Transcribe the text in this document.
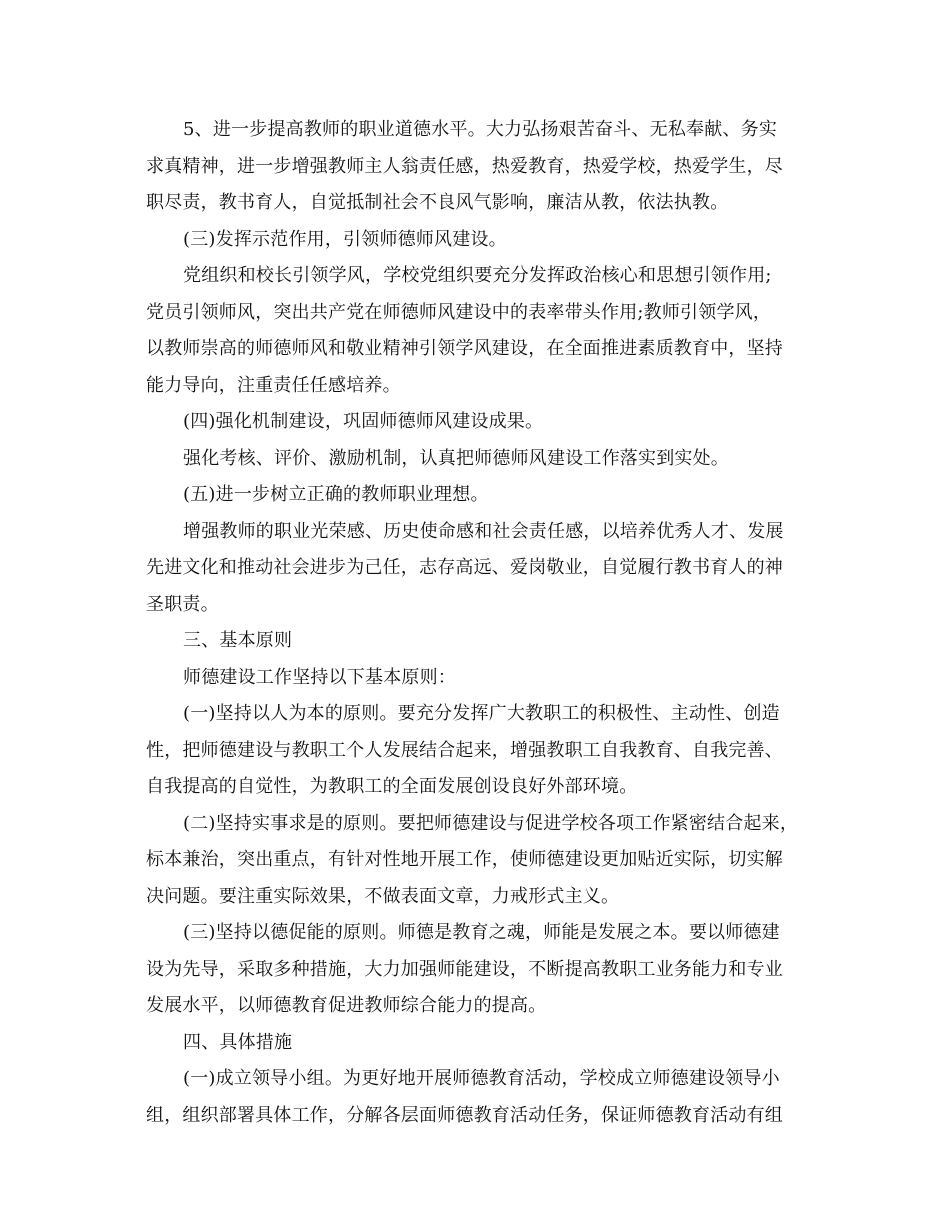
5、进一步提高教师的职业道德水平。大力弘扬艰苦奋斗、无私奉献、务实
求真精神，进一步增强教师主人翁责任感，热爱教育，热爱学校，热爱学生，尽
职尽责，教书育人，自觉抵制社会不良风气影响，廉洁从教，依法执教。
(三)发挥示范作用，引领师德师风建设。
党组织和校长引领学风，学校党组织要充分发挥政治核心和思想引领作用;
党员引领师风，突出共产党在师德师风建设中的表率带头作用;教师引领学风，
以教师崇高的师德师风和敬业精神引领学风建设，在全面推进素质教育中，坚持
能力导向，注重责任任感培养。
(四)强化机制建设，巩固师德师风建设成果。
强化考核、评价、激励机制，认真把师德师风建设工作落实到实处。
(五)进一步树立正确的教师职业理想。
增强教师的职业光荣感、历史使命感和社会责任感，以培养优秀人才、发展
先进文化和推动社会进步为己任，志存高远、爱岗敬业，自觉履行教书育人的神
圣职责。
三、基本原则
师德建设工作坚持以下基本原则：
(一)坚持以人为本的原则。要充分发挥广大教职工的积极性、主动性、创造
性，把师德建设与教职工个人发展结合起来，增强教职工自我教育、自我完善、
自我提高的自觉性，为教职工的全面发展创设良好外部环境。
(二)坚持实事求是的原则。要把师德建设与促进学校各项工作紧密结合起来，
标本兼治，突出重点，有针对性地开展工作，使师德建设更加贴近实际，切实解
决问题。要注重实际效果，不做表面文章，力戒形式主义。
(三)坚持以德促能的原则。师德是教育之魂，师能是发展之本。要以师德建
设为先导，采取多种措施，大力加强师能建设，不断提高教职工业务能力和专业
发展水平，以师德教育促进教师综合能力的提高。
四、具体措施
(一)成立领导小组。为更好地开展师德教育活动，学校成立师德建设领导小
组，组织部署具体工作，分解各层面师德教育活动任务，保证师德教育活动有组
